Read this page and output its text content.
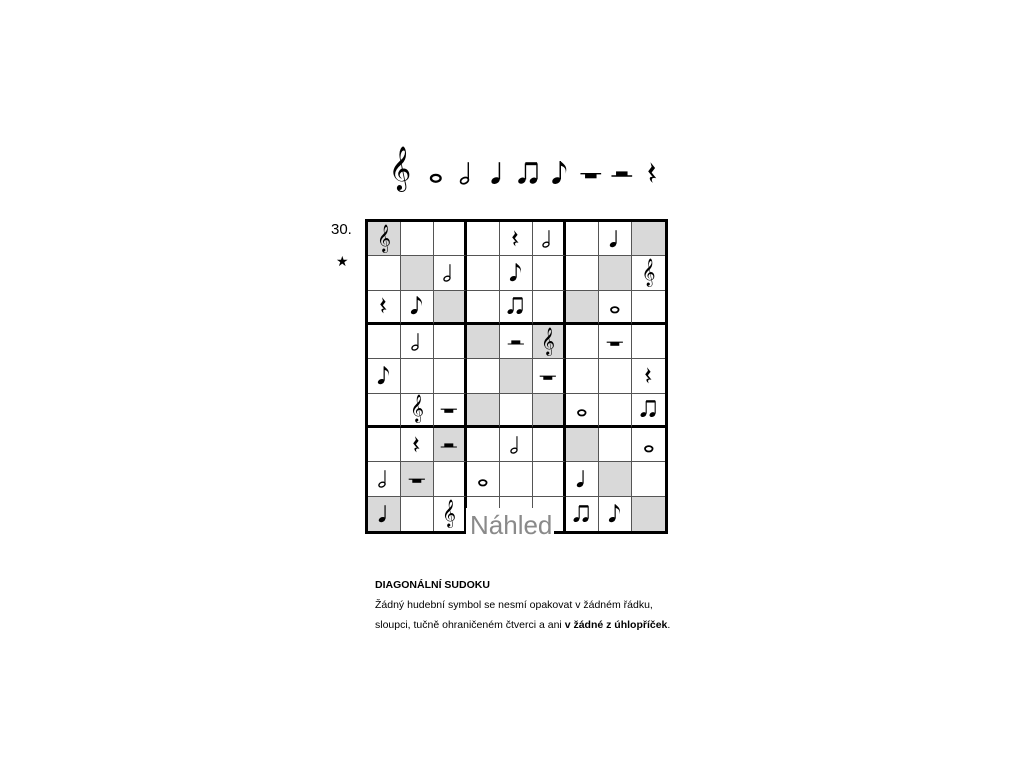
𝄞
30.
★
𝄞
𝄞
𝄞
𝄞
𝄞 Náhled
DIAGONÁLNÍ SUDOKU
Žádný hudební symbol se nesmí opakovat v žádném řádku,
sloupci, tučně ohraničeném čtverci a ani v žádné z úhlopříček.
